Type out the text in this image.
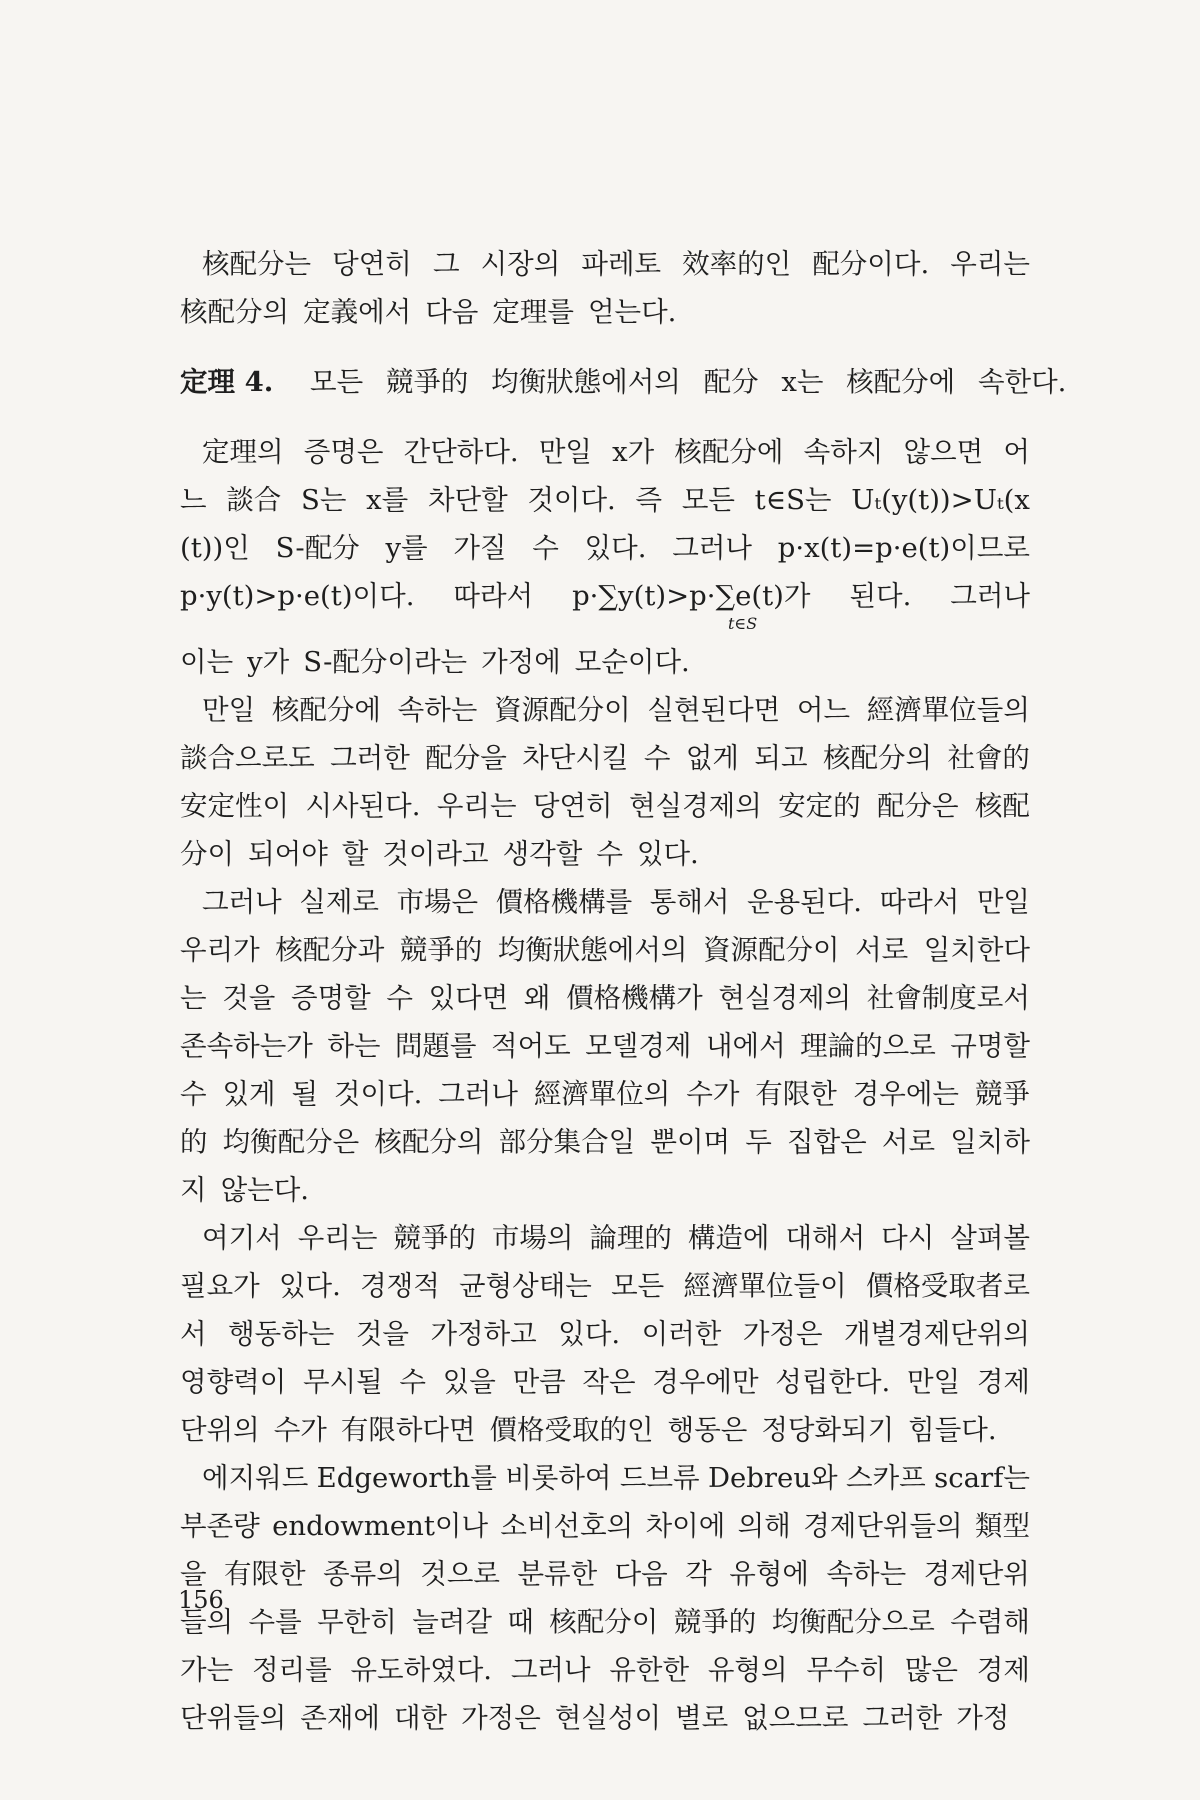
核配分는 당연히 그 시장의 파레토 效率的인 配分이다. 우리는
核配分의 定義에서 다음 定理를 얻는다.
定理 4. 모든 競爭的 均衡狀態에서의 配分 x는 核配分에 속한다.
定理의 증명은 간단하다. 만일 x가 核配分에 속하지 않으면 어
느 談合 S는 x를 차단할 것이다. 즉 모든 t∈S는 Uₜ(y(t))>Uₜ(x
(t))인 S-配分 y를 가질 수 있다. 그러나 p·x(t)=p·e(t)이므로
p·y(t)>p·e(t)이다. 따라서 p·∑y(t)>p·∑e(t)가 된다. 그러나
t∈S
이는 y가 S-配分이라는 가정에 모순이다.
만일 核配分에 속하는 資源配分이 실현된다면 어느 經濟單位들의
談合으로도 그러한 配分을 차단시킬 수 없게 되고 核配分의 社會的
安定性이 시사된다. 우리는 당연히 현실경제의 安定的 配分은 核配
分이 되어야 할 것이라고 생각할 수 있다.
그러나 실제로 市場은 價格機構를 통해서 운용된다. 따라서 만일
우리가 核配分과 競爭的 均衡狀態에서의 資源配分이 서로 일치한다
는 것을 증명할 수 있다면 왜 價格機構가 현실경제의 社會制度로서
존속하는가 하는 問題를 적어도 모델경제 내에서 理論的으로 규명할
수 있게 될 것이다. 그러나 經濟單位의 수가 有限한 경우에는 競爭
的 均衡配分은 核配分의 部分集合일 뿐이며 두 집합은 서로 일치하
지 않는다.
여기서 우리는 競爭的 市場의 論理的 構造에 대해서 다시 살펴볼
필요가 있다. 경쟁적 균형상태는 모든 經濟單位들이 價格受取者로
서 행동하는 것을 가정하고 있다. 이러한 가정은 개별경제단위의
영향력이 무시될 수 있을 만큼 작은 경우에만 성립한다. 만일 경제
단위의 수가 有限하다면 價格受取的인 행동은 정당화되기 힘들다.
에지워드 Edgeworth를 비롯하여 드브류 Debreu와 스카프 scarf는
부존량 endowment이나 소비선호의 차이에 의해 경제단위들의 類型
을 有限한 종류의 것으로 분류한 다음 각 유형에 속하는 경제단위
들의 수를 무한히 늘려갈 때 核配分이 競爭的 均衡配分으로 수렴해
가는 정리를 유도하였다. 그러나 유한한 유형의 무수히 많은 경제
단위들의 존재에 대한 가정은 현실성이 별로 없으므로 그러한 가정
156
